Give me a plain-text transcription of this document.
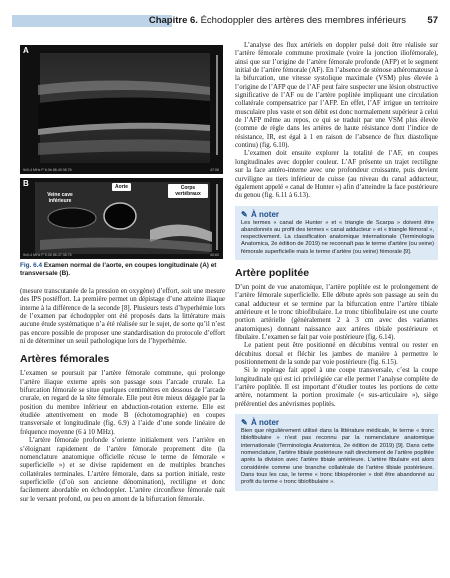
Chapitre 6. Échodoppler des artères des membres inférieurs 57
A
9x0-4 MHz P 6.0b 86.40 08.76	47:06
B	Corps vertébraux
Aorte
Veine cave inférieure
9x0-4 MHz P 5.0b 86.47 08.76	40:60
Fig. 6.4 Examen normal de l’aorte, en coupes longitudinale (A) et transversale (B).

(mesure transcutanée de la pression en oxygène) d’effort, soit une mesure des IPS postéffort. La première permet un dépistage d’une atteinte iliaque interne à la différence de la seconde [8]. Plusieurs tests d’hyperhémie lors de l’examen par échodoppler ont été proposés dans la littérature mais aucune étude systématique n’a été réalisée sur le sujet, de sorte qu’il n’est pas encore possible de proposer une standardisation du protocole d’effort ni de déterminer un seuil pathologique lors de l’hyperhémie.

Artères fémorales

L’examen se poursuit par l’artère fémorale commune, qui prolonge l’artère iliaque externe après son passage sous l’arcade crurale. La bifurcation fémorale se situe quelques centimètres en dessous de l’arcade crurale, en regard de la tête fémorale. Elle peut être mieux dégagée par la position du membre inférieur en abduction-rotation externe. Elle est étudiée attentivement en mode B (échotomographie) en coupes transversale et longitudinale (fig. 6.9) à l’aide d’une sonde linéaire de fréquence moyenne (6 à 10 MHz).

L’artère fémorale profonde s’oriente initialement vers l’arrière en s’éloignant rapidement de l’artère fémorale proprement dite (la nomenclature anatomique officielle récuse le terme de fémorale « superficielle ») et se divise rapidement en de multiples branches collatérales terminales. L’artère fémorale, dans sa portion initiale, reste superficielle (d’où son ancienne dénomination), rectiligne et donc facilement abordable en échodoppler. L’artère circonflexe fémorale nait sur le versant profond, ou peu en amont de la bifurcation fémorale.

L’analyse des flux artériels en doppler pulsé doit être réalisée sur l’artère fémorale commune proximale (voire la jonction iliofémorale), ainsi que sur l’origine de l’artère fémorale profonde (AFP) et le segment initial de l’artère fémorale (AF). En l’absence de sténose athéromateuse à la bifurcation, une vitesse systolique maximale (VSM) plus élevée à l’origine de l’AFP que de l’AF peut faire suspecter une lésion obstructive significative de l’AF ou de l’artère poplitée impliquant une circulation collatérale compensatrice par l’AFP. En effet, l’AF irrigue un territoire musculaire plus vaste et son débit est donc normalement supérieur à celui de l’AFP même au repos, ce qui se traduit par une VSM plus élevée (comme de règle dans les artères de haute résistance dont l’indice de résistance, IR, est égal à 1 en raison de l’absence de flux diastolique continu) (fig. 6.10).

L’examen doit ensuite explorer la totalité de l’AF, en coupes longitudinales avec doppler couleur. L’AF présente un trajet rectiligne sur la face antéro-interne avec une profondeur croissante, puis devient curviligne au tiers inférieur de cuisse (au niveau du canal adducteur, également appelé « canal de Hunter ») afin d’atteindre la face postérieure du genou (fig. 6.11 à 6.13).

✎ À noter
Les termes « canal de Hunter » et « triangle de Scarpa » doivent être abandonnés au profit des termes « canal adducteur » et « triangle fémoral », respectivement. La classification anatomique internationale (Terminologia Anatomica, 2e édition de 2019) ne reconnaît pas le terme d’artère (ou veine) fémorale superficielle mais le terme d’artère (ou veine) fémorale [9].
Artère poplitée

D’un point de vue anatomique, l’artère poplitée est le prolongement de l’artère fémorale superficielle. Elle débute après son passage au sein du canal adducteur et se termine par la bifurcation entre l’artère tibiale antérieure et le tronc tibiofibulaire. Le tronc tibiofibulaire est une courte portion artérielle (généralement 2 à 3 cm avec des variantes anatomiques) donnant naissance aux artères tibiale postérieure et fibulaire. L’examen se fait par voie postérieure (fig. 6.14).

Le patient peut être positionné en décubitus ventral ou rester en décubitus dorsal et fléchir les jambes de manière à permettre le positionnement de la sonde par voie postérieure (fig. 6.15).

Si le repérage fait appel à une coupe transversale, c’est la coupe longitudinale qui est ici privilégiée car elle permet l’analyse complète de l’artère poplitée. Il est important d’étudier toutes les portions de cette artère, notamment la portion proximale (« sus-articulaire »), siège préférentiel des anévrismes poplités.

✎ À noter
Bien que régulièrement utilisé dans la littérature médicale, le terme « tronc tibiofibulaire » n’est pas reconnu par la nomenclature anatomique internationale (Terminologia Anatomica, 2e édition de 2019) [9]. Dans cette nomenclature, l’artère tibiale postérieure naît directement de l’artère poplitée après la division avec l’artère tibiale antérieure. L’artère fibulaire est alors considérée comme une branche collatérale de l’artère tibiale postérieure. Dans tous les cas, le terme « tronc tibiopéronier » doit être abandonné au profit du terme « tronc tibiofibulaire ».
